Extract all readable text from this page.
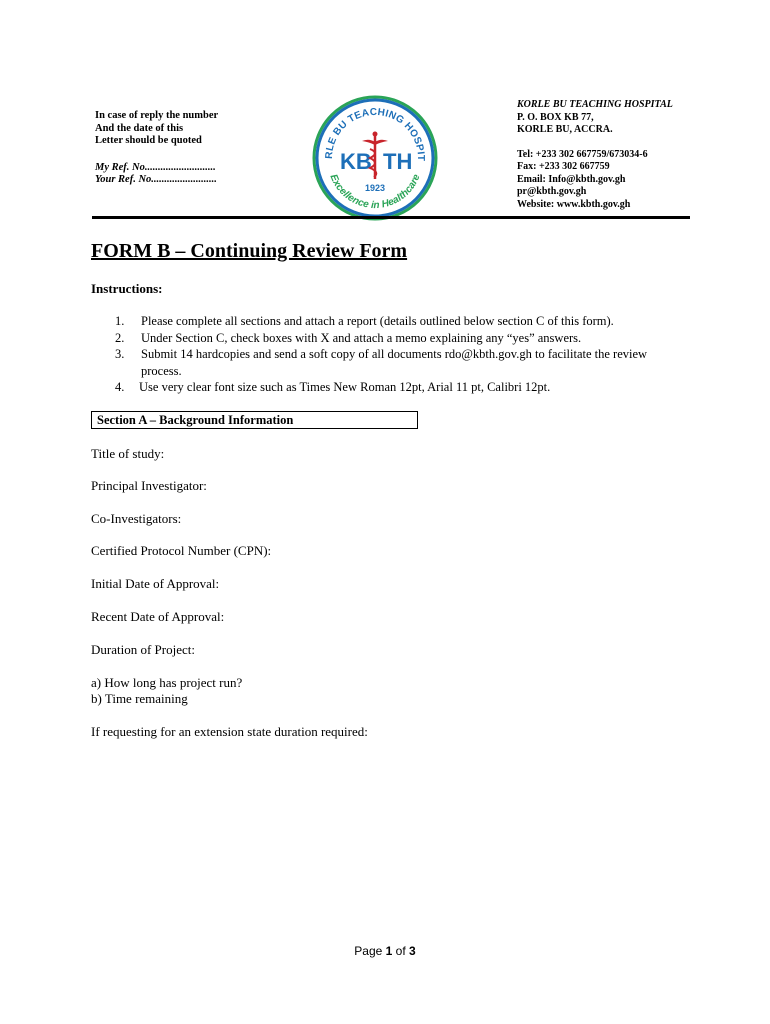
In case of reply the number
And the date of this
Letter should be quoted
My Ref. No...........................
Your Ref. No.........................
RLE BU TEACHING HOSPIT
Excellence in Healthcare
KB TH
1923
KORLE BU TEACHING HOSPITAL
P. O. BOX KB 77,
KORLE BU, ACCRA.
Tel: +233 302 667759/673034-6
Fax: +233 302 667759
Email: Info@kbth.gov.gh
pr@kbth.gov.gh
Website: www.kbth.gov.gh
FORM B – Continuing Review Form
Instructions:
1.	Please complete all sections and attach a report (details outlined below section C of this form).
2.	Under Section C, check boxes with X and attach a memo explaining any “yes” answers.
3.	Submit 14 hardcopies and send a soft copy of all documents rdo@kbth.gov.gh to facilitate the review process.
4.	Use very clear font size such as Times New Roman 12pt, Arial 11 pt, Calibri 12pt.
Section A – Background Information
Title of study:
Principal Investigator:
Co-Investigators:
Certified Protocol Number (CPN):
Initial Date of Approval:
Recent Date of Approval:
Duration of Project:
a) How long has project run?
b) Time remaining
If requesting for an extension state duration required:
Page 1 of 3
